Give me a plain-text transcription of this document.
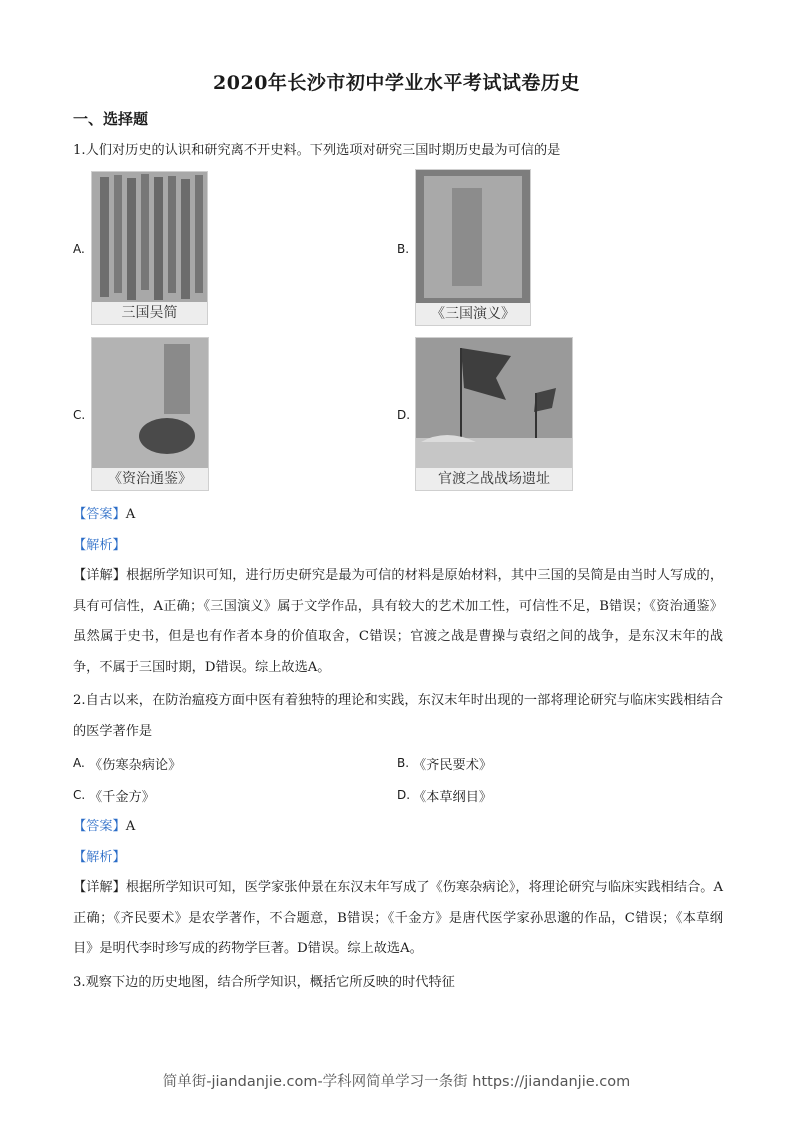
2020年长沙市初中学业水平考试试卷历史
一、选择题
1.人们对历史的认识和研究离不开史料。下列选项对研究三国时期历史最为可信的是
A.
三国吴简
B.
《三国演义》
C.
《资治通鉴》
D.
官渡之战战场遗址
【答案】A
【解析】
【详解】根据所学知识可知，进行历史研究是最为可信的材料是原始材料，其中三国的吴简是由当时人写成的，具有可信性，A正确；《三国演义》属于文学作品，具有较大的艺术加工性，可信性不足，B错误；《资治通鉴》虽然属于史书，但是也有作者本身的价值取舍，C错误；官渡之战是曹操与袁绍之间的战争，是东汉末年的战争，不属于三国时期，D错误。综上故选A。
2.自古以来，在防治瘟疫方面中医有着独特的理论和实践，东汉末年时出现的一部将理论研究与临床实践相结合的医学著作是
A. 《伤寒杂病论》	B. 《齐民要术》
C. 《千金方》	D. 《本草纲目》
【答案】A
【解析】
【详解】根据所学知识可知，医学家张仲景在东汉末年写成了《伤寒杂病论》，将理论研究与临床实践相结合。A正确；《齐民要术》是农学著作，不合题意，B错误；《千金方》是唐代医学家孙思邈的作品，C错误；《本草纲目》是明代李时珍写成的药物学巨著。D错误。综上故选A。
3.观察下边的历史地图，结合所学知识，概括它所反映的时代特征
简单街-jiandanjie.com-学科网简单学习一条街 https://jiandanjie.com
